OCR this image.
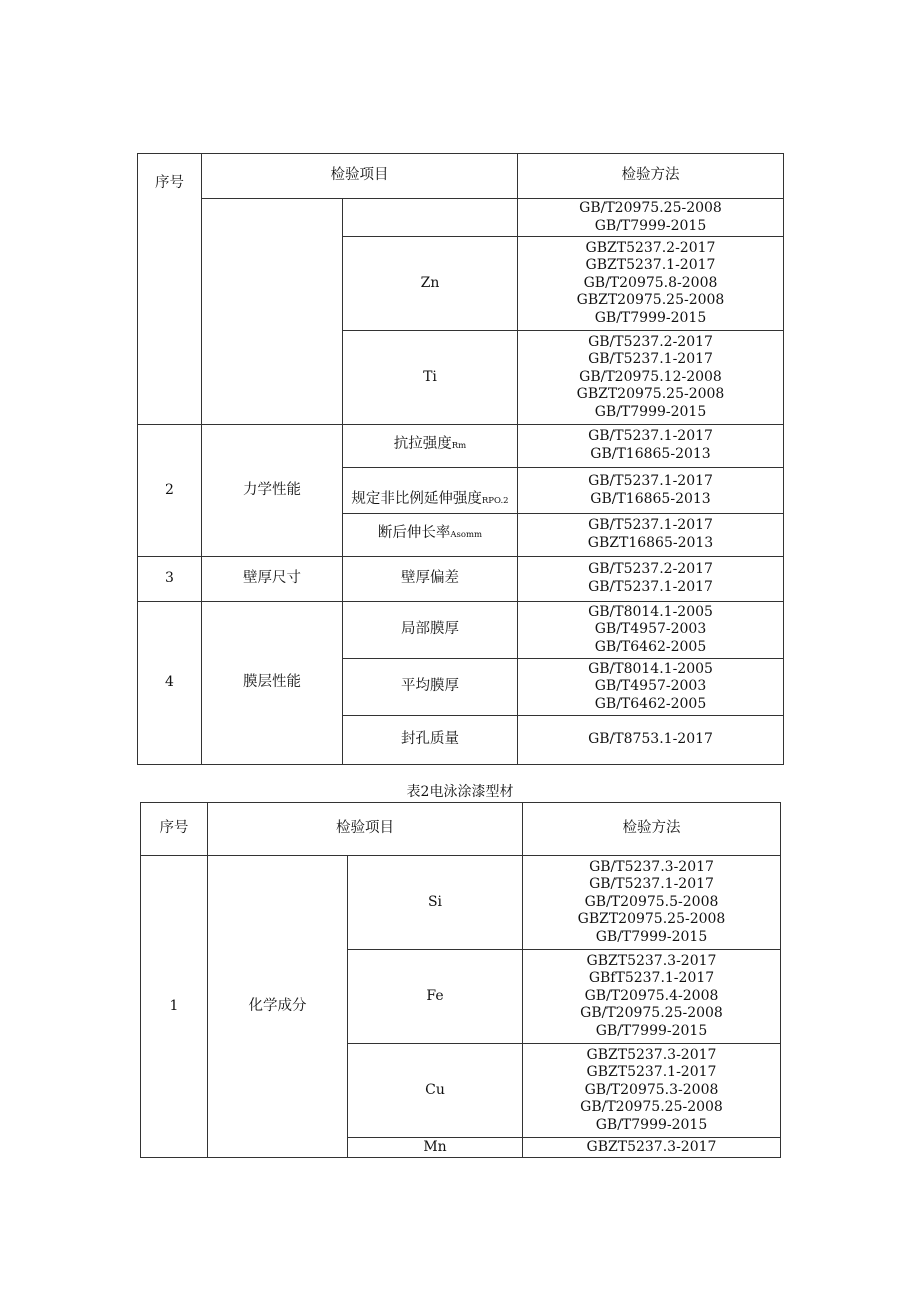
序号	检验项目		检验方法

			GB/T20975.25-2008
GB/T7999-2015

		Zn	GBZT5237.2-2017
GBZT5237.1-2017
GB/T20975.8-2008
GBZT20975.25-2008
GB/T7999-2015

		Ti	GB/T5237.2-2017
GB/T5237.1-2017
GB/T20975.12-2008
GBZT20975.25-2008
GB/T7999-2015

2	力学性能	抗拉强度Rm	GB/T5237.1-2017
GB/T16865-2013

		规定非比例延伸强度RPO.2	GB/T5237.1-2017
GB/T16865-2013

		断后伸长率Asomm	GB/T5237.1-2017
GBZT16865-2013

3	壁厚尺寸	壁厚偏差	GB/T5237.2-2017
GB/T5237.1-2017

4	膜层性能	局部膜厚	GB/T8014.1-2005
GB/T4957-2003
GB/T6462-2005

		平均膜厚	GB/T8014.1-2005
GB/T4957-2003
GB/T6462-2005

		封孔质量	GB/T8753.1-2017
表2电泳涂漆型材
序号	检验项目		检验方法
1	化学成分	Si	GB/T5237.3-2017
GB/T5237.1-2017
GB/T20975.5-2008
GBZT20975.25-2008
GB/T7999-2015

		Fe	GBZT5237.3-2017
GBfT5237.1-2017
GB/T20975.4-2008
GB/T20975.25-2008
GB/T7999-2015

		Cu	GBZT5237.3-2017
GBZT5237.1-2017
GB/T20975.3-2008
GB/T20975.25-2008
GB/T7999-2015

		Mn	GBZT5237.3-2017
